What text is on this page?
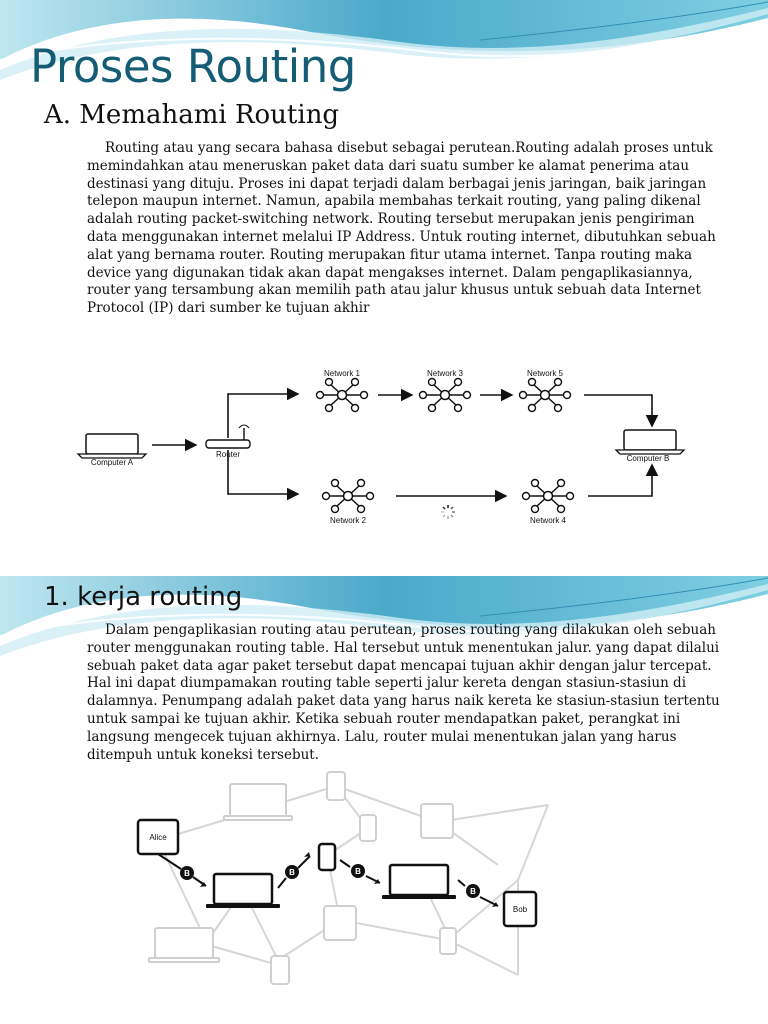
Proses Routing
A. Memahami Routing

Routing atau yang secara bahasa disebut sebagai perutean.Routing adalah proses untuk memindahkan atau meneruskan paket data dari suatu sumber ke alamat penerima atau destinasi yang dituju. Proses ini dapat terjadi dalam berbagai jenis jaringan, baik jaringan telepon maupun internet. Namun, apabila membahas terkait routing, yang paling dikenal adalah routing packet-switching network. Routing tersebut merupakan jenis pengiriman data menggunakan internet melalui IP Address. Untuk routing internet, dibutuhkan sebuah alat yang bernama router. Routing merupakan fitur utama internet. Tanpa routing maka device yang digunakan tidak akan dapat mengakses internet. Dalam pengaplikasiannya, router yang tersambung akan memilih path atau jalur khusus untuk sebuah data Internet Protocol (IP) dari sumber ke tujuan akhir

Computer A
Router
Network 1	Network 3	Network 5
Network 2	Network 4
Computer B
1. kerja routing

Dalam pengaplikasian routing atau perutean, proses routing yang dilakukan oleh sebuah router menggunakan routing table. Hal tersebut untuk menentukan jalur. yang dapat dilalui sebuah paket data agar paket tersebut dapat mencapai tujuan akhir dengan jalur tercepat. Hal ini dapat diumpamakan routing table seperti jalur kereta dengan stasiun-stasiun di dalamnya. Penumpang adalah paket data yang harus naik kereta ke stasiun-stasiun tertentu untuk sampai ke tujuan akhir. Ketika sebuah router mendapatkan paket, perangkat ini langsung mengecek tujuan akhirnya. Lalu, router mulai menentukan jalan yang harus ditempuh untuk koneksi tersebut.

Alice
B	B	B
B
Bob
